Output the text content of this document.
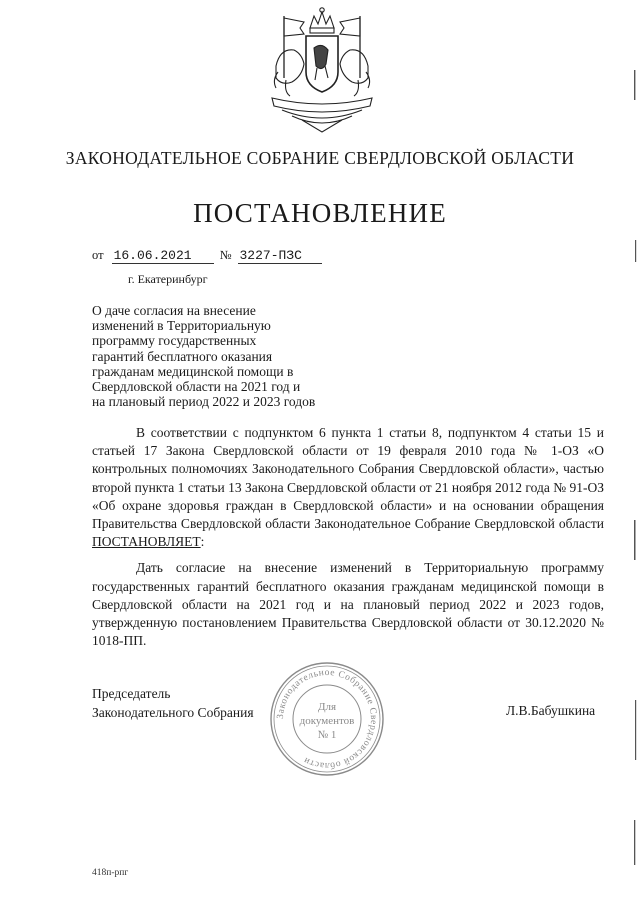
ЗАКОНОДАТЕЛЬНОЕ СОБРАНИЕ СВЕРДЛОВСКОЙ ОБЛАСТИ
ПОСТАНОВЛЕНИЕ
от 16.06.2021 № 3227-ПЗС
г. Екатеринбург
О даче согласия на внесение
изменений в Территориальную
программу государственных
гарантий бесплатного оказания
гражданам медицинской помощи в
Свердловской области на 2021 год и
на плановый период 2022 и 2023 годов

В соответствии с подпунктом 6 пункта 1 статьи 8, подпунктом 4 статьи 15 и статьей 17 Закона Свердловской области от 19 февраля 2010 года № 1-ОЗ «О контрольных полномочиях Законодательного Собрания Свердловской области», частью второй пункта 1 статьи 13 Закона Свердловской области от 21 ноября 2012 года № 91-ОЗ «Об охране здоровья граждан в Свердловской области» и на основании обращения Правительства Свердловской области Законодательное Собрание Свердловской области ПОСТАНОВЛЯЕТ:

Дать согласие на внесение изменений в Территориальную программу государственных гарантий бесплатного оказания гражданам медицинской помощи в Свердловской области на 2021 год и на плановый период 2022 и 2023 годов, утвержденную постановлением Правительства Свердловской области от 30.12.2020 № 1018-ПП.

Законодательное Собрание Свердловской области
Для
документов
№ 1
Председатель
Законодательного Собрания	Л.В.Бабушкина
418п-рпг
